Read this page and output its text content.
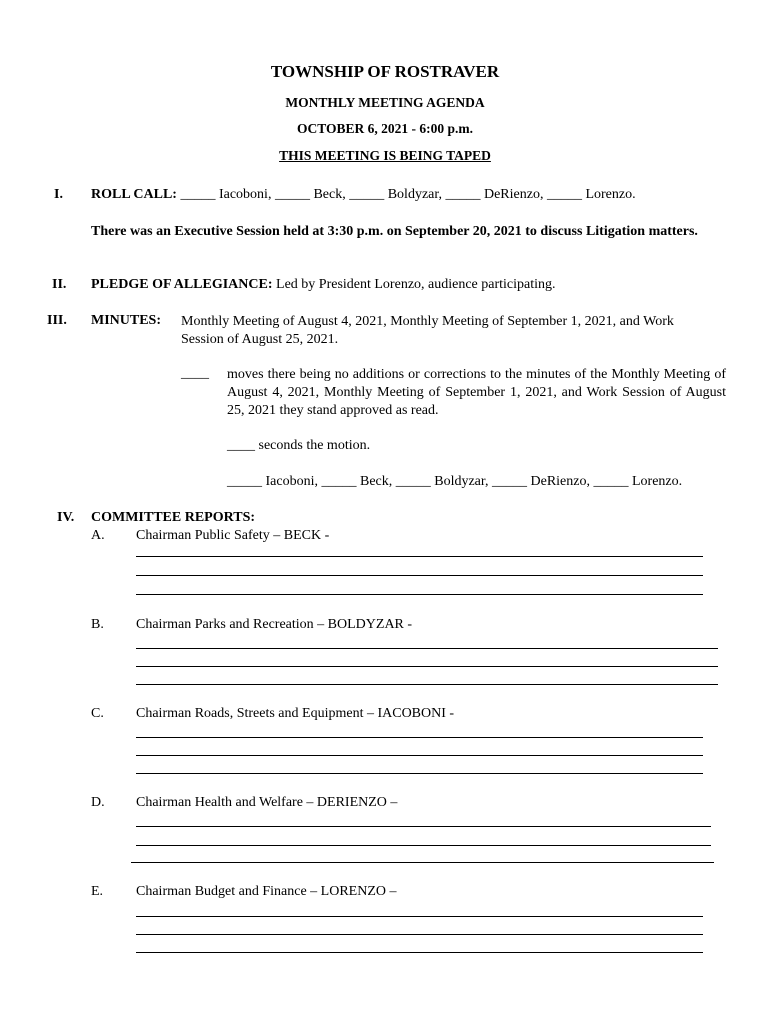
TOWNSHIP OF ROSTRAVER
MONTHLY MEETING AGENDA
OCTOBER 6, 2021 - 6:00 p.m.
THIS MEETING IS BEING TAPED
I. ROLL CALL: _____ Iacoboni, _____ Beck, _____ Boldyzar, _____ DeRienzo, _____ Lorenzo.
There was an Executive Session held at 3:30 p.m. on September 20, 2021 to discuss Litigation matters.
II. PLEDGE OF ALLEGIANCE: Led by President Lorenzo, audience participating.
III. MINUTES: Monthly Meeting of August 4, 2021, Monthly Meeting of September 1, 2021, and Work Session of August 25, 2021.
____ moves there being no additions or corrections to the minutes of the Monthly Meeting of August 4, 2021, Monthly Meeting of September 1, 2021, and Work Session of August 25, 2021 they stand approved as read.
____ seconds the motion.
_____ Iacoboni, _____ Beck, _____ Boldyzar, _____ DeRienzo, _____ Lorenzo.
IV. COMMITTEE REPORTS:
A. Chairman Public Safety – BECK -
B. Chairman Parks and Recreation – BOLDYZAR -
C. Chairman Roads, Streets and Equipment – IACOBONI -
D. Chairman Health and Welfare – DERIENZO –
E. Chairman Budget and Finance – LORENZO –
